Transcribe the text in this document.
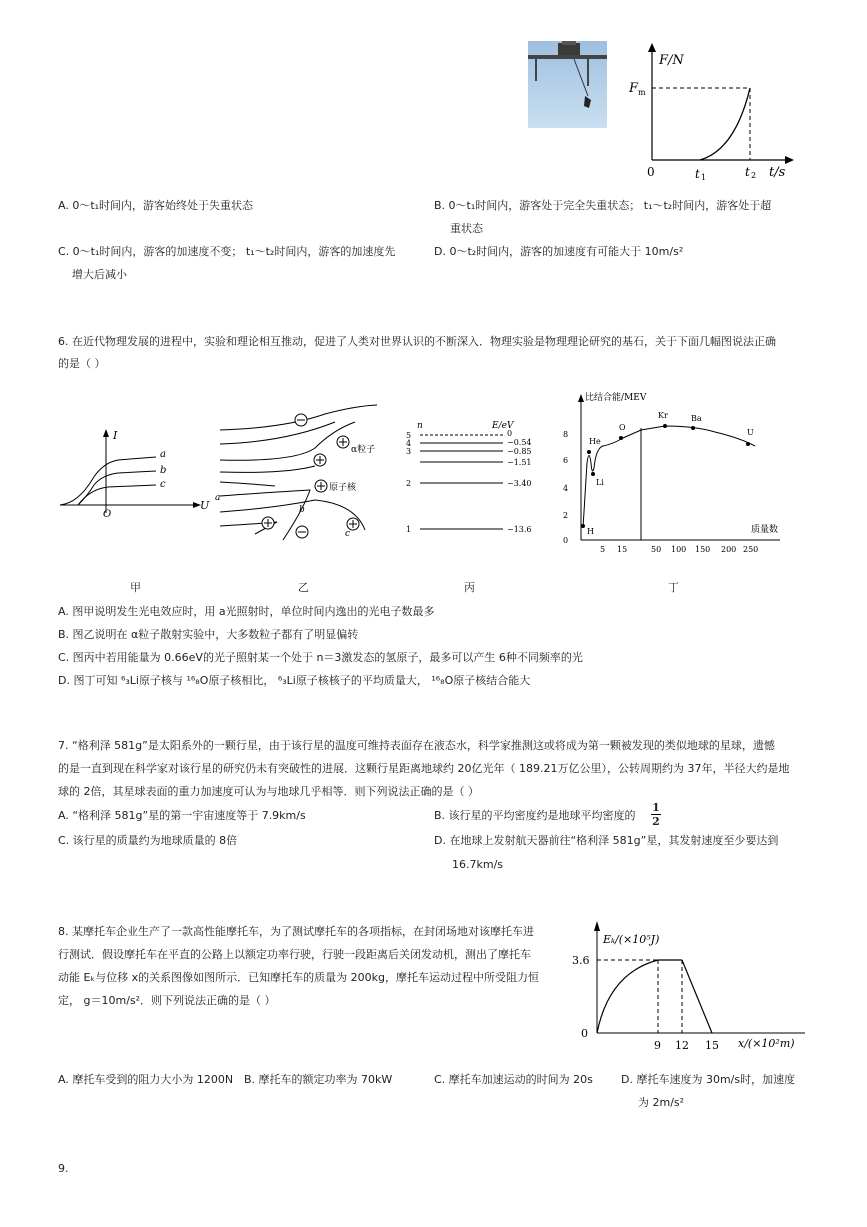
F/N
F m
0	t 1	t 2 t/s
A. 0～t₁时间内，游客始终处于失重状态	B. 0～t₁时间内，游客处于完全失重状态； t₁～t₂时间内，游客处于超
重状态
C. 0～t₁时间内，游客的加速度不变； t₁～t₂时间内，游客的加速度先
增大后减小
D. 0～t₂时间内，游客的加速度有可能大于 10m/s²
6. 在近代物理发展的进程中，实验和理论相互推动，促进了人类对世界认识的不断深入．物理实验是物理理论研究的基石，关于下面几幅图说法正确
的是（ ）
I
U
O
a
b
c
α粒子
原子核
a
b
c
n	E/eV
5
4
3
2
1
0
−0.54
−0.85
−1.51
−3.40
−13.6
比结合能/MEV
8
6
4
2
0
5 15	50 100 150 200 250
质量数
He
Li
O
Kr	Ba
U
H
甲	乙	丙	丁
A. 图甲说明发生光电效应时，用 a光照射时，单位时间内逸出的光电子数最多
B. 图乙说明在 α粒子散射实验中，大多数粒子都有了明显偏转
C. 图丙中若用能量为 0.66eV的光子照射某一个处于 n＝3激发态的氢原子，最多可以产生 6种不同频率的光
D. 图丁可知 ⁶₃Li原子核与 ¹⁶₈O原子核相比， ⁶₃Li原子核核子的平均质量大， ¹⁶₈O原子核结合能大
7. “格利泽 581g”是太阳系外的一颗行星，由于该行星的温度可维持表面存在液态水，科学家推测这或将成为第一颗被发现的类似地球的星球，遗憾
的是一直到现在科学家对该行星的研究仍未有突破性的进展．这颗行星距离地球约 20亿光年（ 189.21万亿公里），公转周期约为 37年，半径大约是地
球的 2倍，其星球表面的重力加速度可认为与地球几乎相等．则下列说法正确的是（ ）
A. “格利泽 581g”星的第一宇宙速度等于 7.9km/s	B. 该行星的平均密度约是地球平均密度的 $\frac{1}{2}$
C. 该行星的质量约为地球质量的 8倍	D. 在地球上发射航天器前往“格利泽 581g”星，其发射速度至少要达到
16.7km/s
8. 某摩托车企业生产了一款高性能摩托车，为了测试摩托车的各项指标，在封闭场地对该摩托车进
行测试．假设摩托车在平直的公路上以额定功率行驶，行驶一段距离后关闭发动机，测出了摩托车
动能 Eₖ与位移 x的关系图像如图所示．已知摩托车的质量为 200kg，摩托车运动过程中所受阻力恒
定， g＝10m/s²．则下列说法正确的是（ ）
Eₖ/(×10⁵J)
3.6
0
9 12 15 x/(×10²m)
A. 摩托车受到的阻力大小为 1200N B. 摩托车的额定功率为 70kW	C. 摩托车加速运动的时间为 20s	D. 摩托车速度为 30m/s时，加速度
为 2m/s²
9.
